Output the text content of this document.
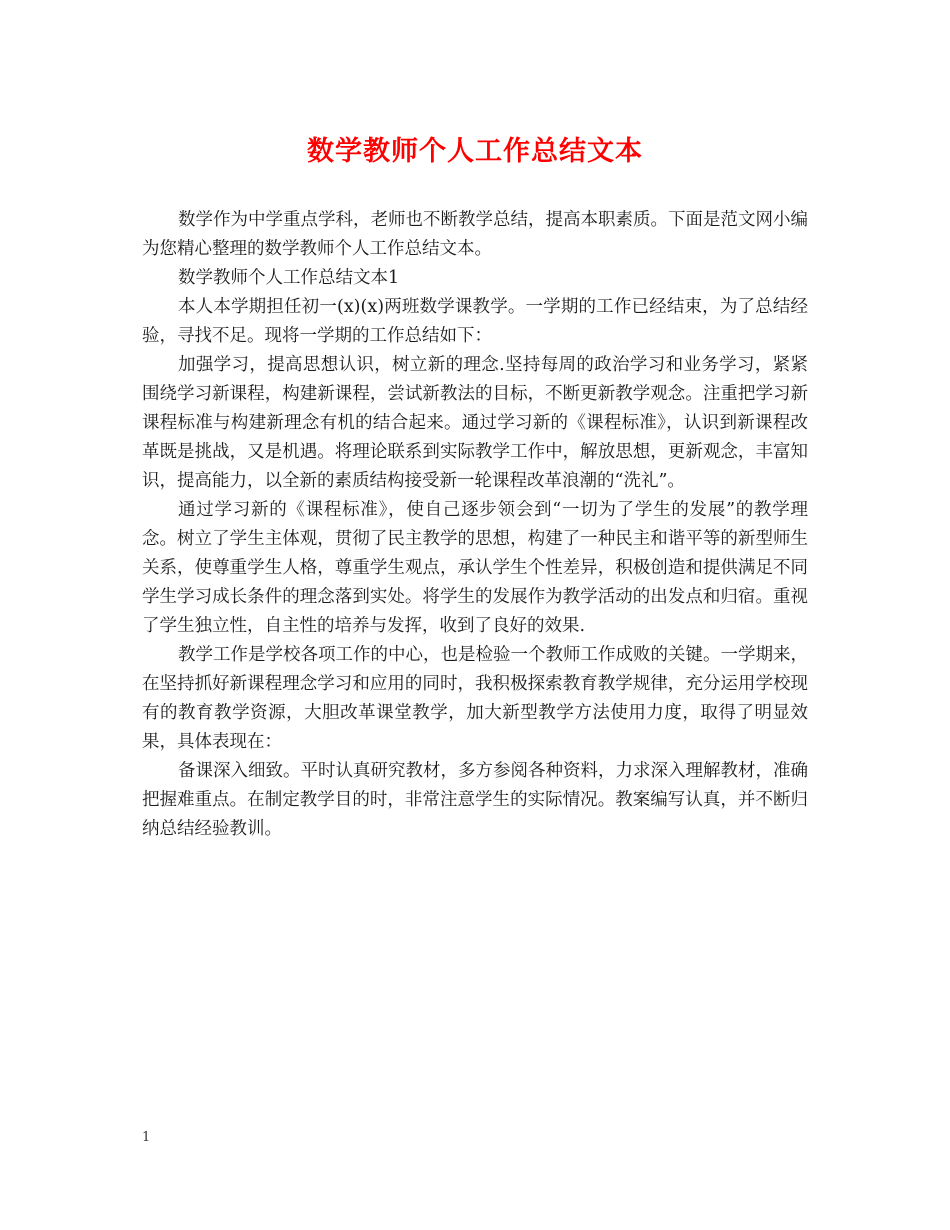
数学教师个人工作总结文本

数学作为中学重点学科，老师也不断教学总结，提高本职素质。下面是范文网小编为您精心整理的数学教师个人工作总结文本。

数学教师个人工作总结文本1

本人本学期担任初一(x)(x)两班数学课教学。一学期的工作已经结束，为了总结经验，寻找不足。现将一学期的工作总结如下：

加强学习，提高思想认识，树立新的理念.坚持每周的政治学习和业务学习，紧紧围绕学习新课程，构建新课程，尝试新教法的目标，不断更新教学观念。注重把学习新课程标准与构建新理念有机的结合起来。通过学习新的《课程标准》，认识到新课程改革既是挑战，又是机遇。将理论联系到实际教学工作中，解放思想，更新观念，丰富知识，提高能力，以全新的素质结构接受新一轮课程改革浪潮的“洗礼”。

通过学习新的《课程标准》，使自己逐步领会到“一切为了学生的发展”的教学理念。树立了学生主体观，贯彻了民主教学的思想，构建了一种民主和谐平等的新型师生关系，使尊重学生人格，尊重学生观点，承认学生个性差异，积极创造和提供满足不同学生学习成长条件的理念落到实处。将学生的发展作为教学活动的出发点和归宿。重视了学生独立性，自主性的培养与发挥，收到了良好的效果.

教学工作是学校各项工作的中心，也是检验一个教师工作成败的关键。一学期来，在坚持抓好新课程理念学习和应用的同时，我积极探索教育教学规律，充分运用学校现有的教育教学资源，大胆改革课堂教学，加大新型教学方法使用力度，取得了明显效果，具体表现在：

备课深入细致。平时认真研究教材，多方参阅各种资料，力求深入理解教材，准确把握难重点。在制定教学目的时，非常注意学生的实际情况。教案编写认真，并不断归纳总结经验教训。

1
